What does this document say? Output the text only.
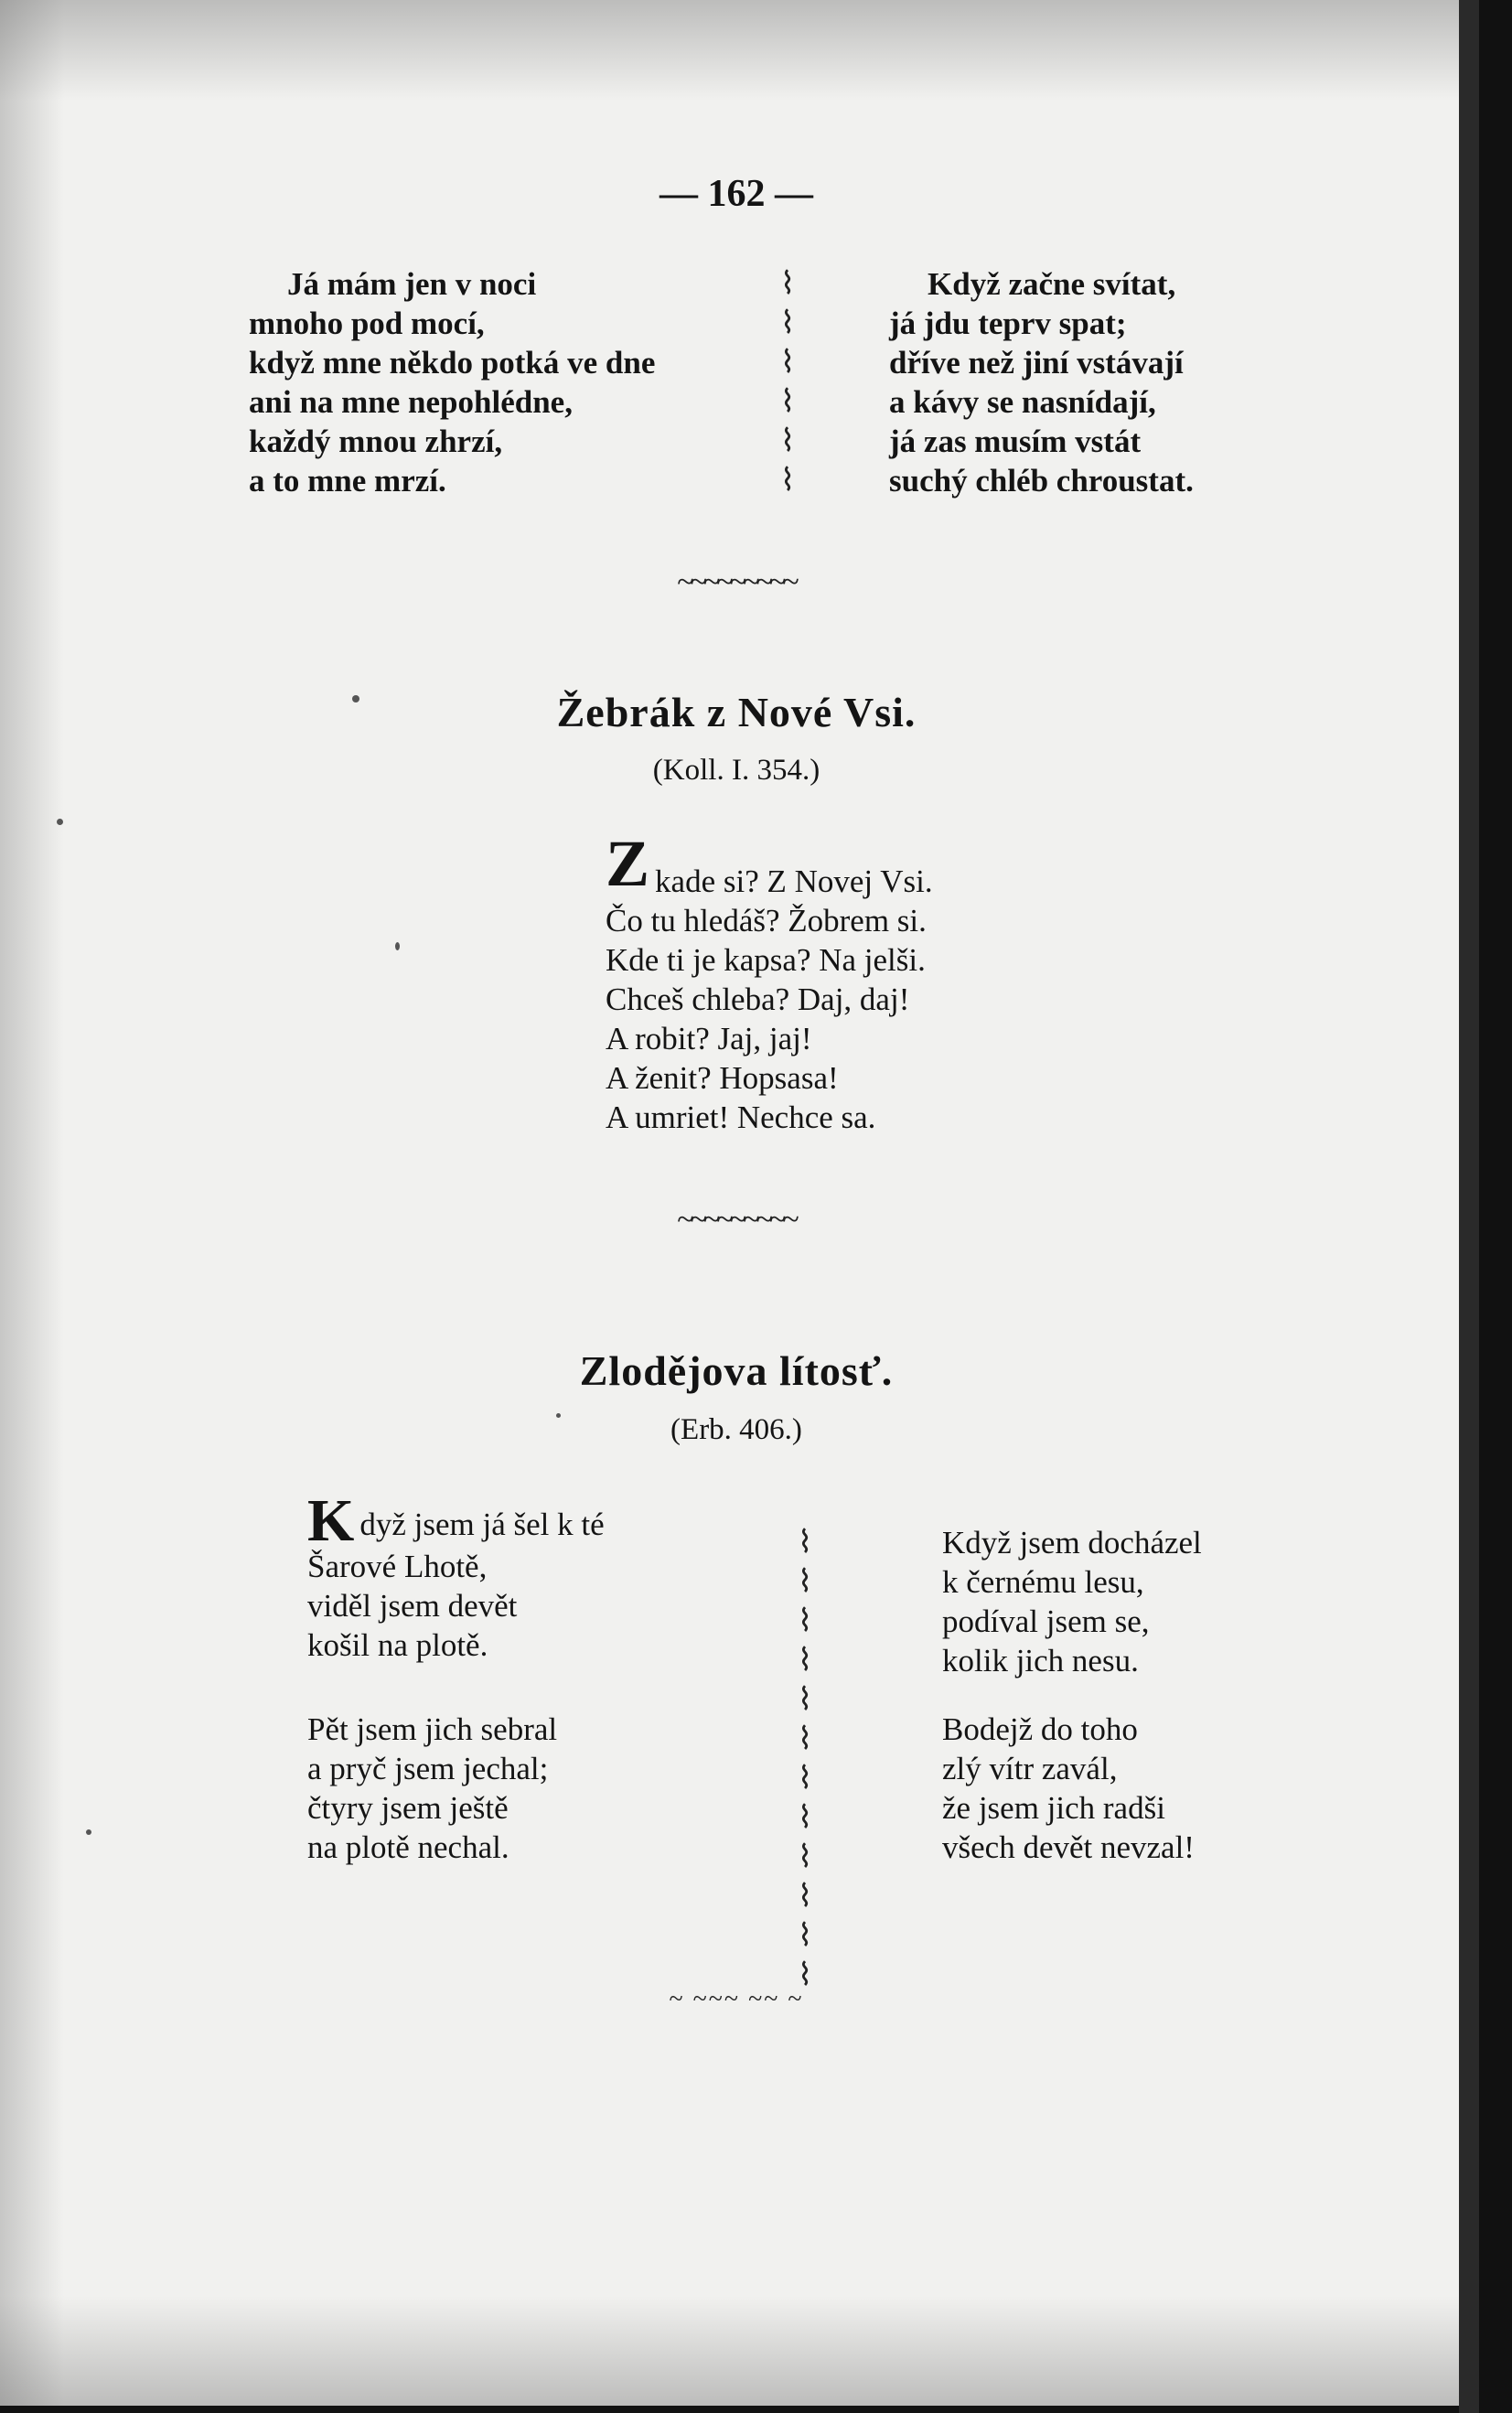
— 162 —
Já mám jen v noci
mnoho pod mocí,
když mne někdo potká ve dne
ani na mne nepohlédne,
každý mnou zhrzí,
a to mne mrzí.
⌇
⌇
⌇
⌇
⌇
⌇
Když začne svítat,
já jdu teprv spat;
dříve než jiní vstávají
a kávy se nasnídají,
já zas musím vstát
suchý chléb chroustat.
~~~~~~~~~
Žebrák z Nové Vsi.
(Koll. I. 354.)
Z kade si? Z Novej Vsi.
Čo tu hledáš? Žobrem si.
Kde ti je kapsa? Na jelši.
Chceš chleba? Daj, daj!
A robit? Jaj, jaj!
A ženit? Hopsasa!
A umriet! Nechce sa.
~~~~~~~~~
Zlodějova lítosť.
(Erb. 406.)
K dyž jsem já šel k té
Šarové Lhotě,
viděl jsem devět
košil na plotě.
Pět jsem jich sebral
a pryč jsem jechal;
čtyry jsem ještě
na plotě nechal.
⌇
⌇
⌇
⌇
⌇
⌇
⌇
⌇
⌇
⌇
⌇
⌇
Když jsem docházel
k černému lesu,
podíval jsem se,
kolik jich nesu.
Bodejž do toho
zlý vítr zavál,
že jsem jich radši
všech devět nevzal!
~ ~~~ ~~ ~
